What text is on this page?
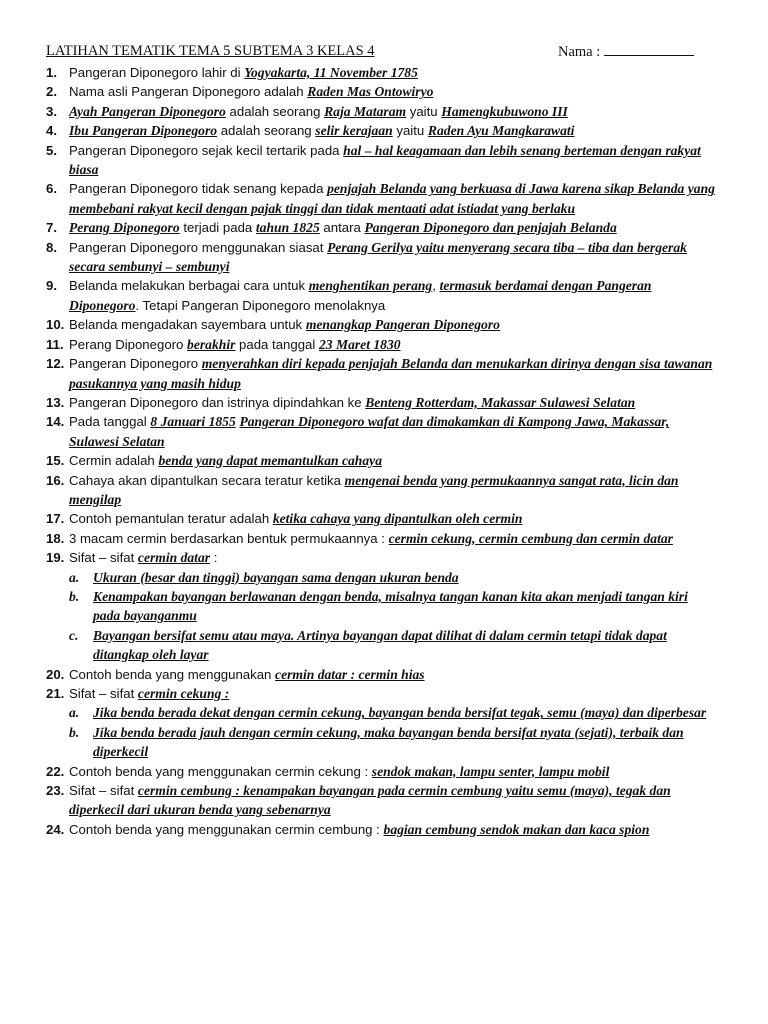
LATIHAN TEMATIK TEMA 5 SUBTEMA 3 KELAS 4	Nama :
1. Pangeran Diponegoro lahir di Yogyakarta, 11 November 1785
2. Nama asli Pangeran Diponegoro adalah Raden Mas Ontowiryo
3. Ayah Pangeran Diponegoro adalah seorang Raja Mataram yaitu Hamengkubuwono III
4. Ibu Pangeran Diponegoro adalah seorang selir kerajaan yaitu Raden Ayu Mangkarawati
5. Pangeran Diponegoro sejak kecil tertarik pada hal – hal keagamaan dan lebih senang berteman dengan rakyat biasa
6. Pangeran Diponegoro tidak senang kepada penjajah Belanda yang berkuasa di Jawa karena sikap Belanda yang membebani rakyat kecil dengan pajak tinggi dan tidak mentaati adat istiadat yang berlaku
7. Perang Diponegoro terjadi pada tahun 1825 antara Pangeran Diponegoro dan penjajah Belanda
8. Pangeran Diponegoro menggunakan siasat Perang Gerilya yaitu menyerang secara tiba – tiba dan bergerak secara sembunyi – sembunyi
9. Belanda melakukan berbagai cara untuk menghentikan perang, termasuk berdamai dengan Pangeran Diponegoro. Tetapi Pangeran Diponegoro menolaknya
10. Belanda mengadakan sayembara untuk menangkap Pangeran Diponegoro
11. Perang Diponegoro berakhir pada tanggal 23 Maret 1830
12. Pangeran Diponegoro menyerahkan diri kepada penjajah Belanda dan menukarkan dirinya dengan sisa tawanan pasukannya yang masih hidup
13. Pangeran Diponegoro dan istrinya dipindahkan ke Benteng Rotterdam, Makassar Sulawesi Selatan
14. Pada tanggal 8 Januari 1855 Pangeran Diponegoro wafat dan dimakamkan di Kampong Jawa, Makassar, Sulawesi Selatan
15. Cermin adalah benda yang dapat memantulkan cahaya
16. Cahaya akan dipantulkan secara teratur ketika mengenai benda yang permukaannya sangat rata, licin dan mengilap
17. Contoh pemantulan teratur adalah ketika cahaya yang dipantulkan oleh cermin
18. 3 macam cermin berdasarkan bentuk permukaannya : cermin cekung, cermin cembung dan cermin datar
19. Sifat – sifat cermin datar :
a. Ukuran (besar dan tinggi) bayangan sama dengan ukuran benda
b. Kenampakan bayangan berlawanan dengan benda, misalnya tangan kanan kita akan menjadi tangan kiri pada bayanganmu
c. Bayangan bersifat semu atau maya. Artinya bayangan dapat dilihat di dalam cermin tetapi tidak dapat ditangkap oleh layar
20. Contoh benda yang menggunakan cermin datar : cermin hias
21. Sifat – sifat cermin cekung :
a. Jika benda berada dekat dengan cermin cekung, bayangan benda bersifat tegak, semu (maya) dan diperbesar
b. Jika benda berada jauh dengan cermin cekung, maka bayangan benda bersifat nyata (sejati), terbaik dan diperkecil
22. Contoh benda yang menggunakan cermin cekung : sendok makan, lampu senter, lampu mobil
23. Sifat – sifat cermin cembung : kenampakan bayangan pada cermin cembung yaitu semu (maya), tegak dan diperkecil dari ukuran benda yang sebenarnya
24. Contoh benda yang menggunakan cermin cembung : bagian cembung sendok makan dan kaca spion
